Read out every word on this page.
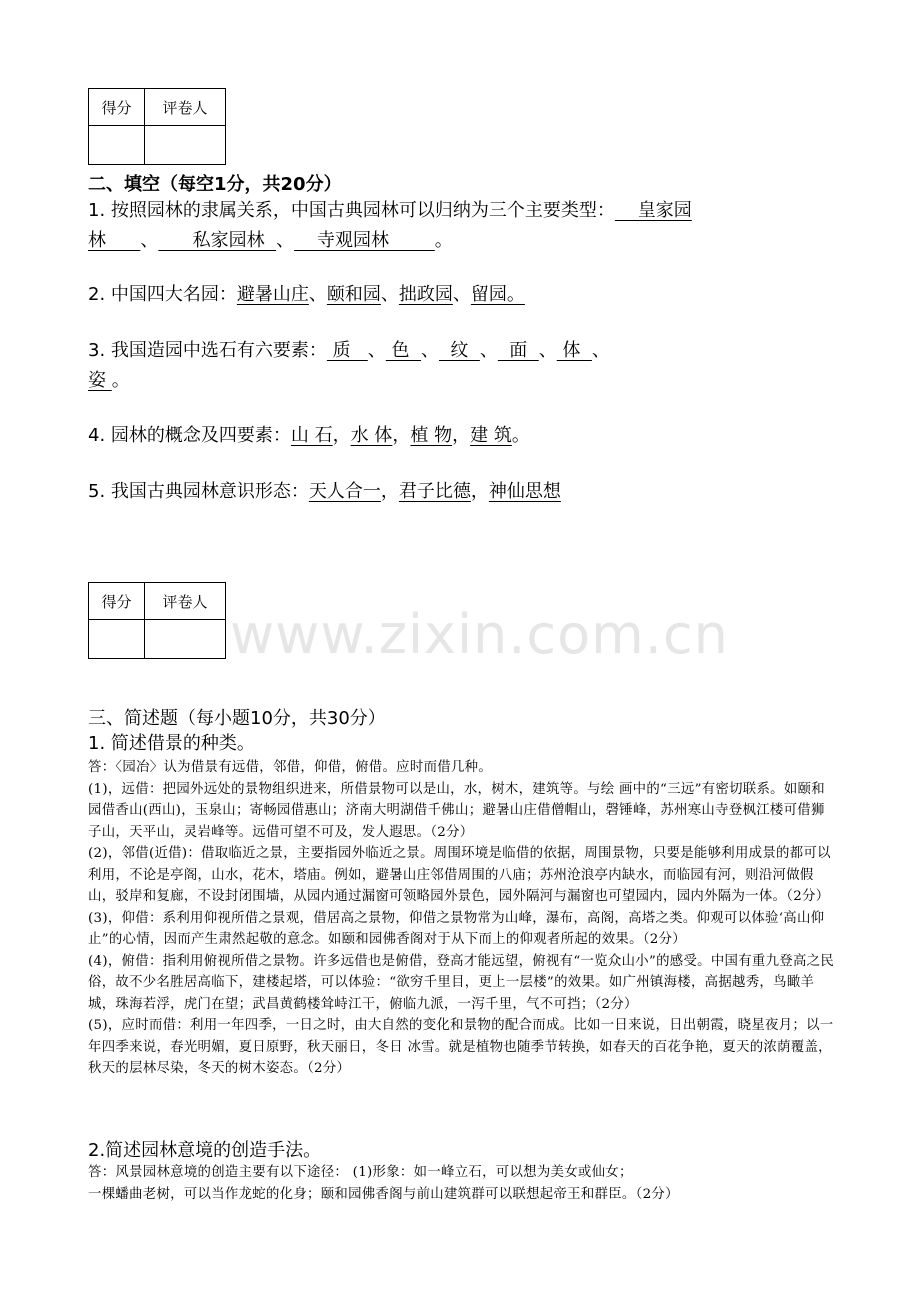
得分	评卷人

二、填空（每空1分，共20分）
1. 按照园林的隶属关系，中国古典园林可以归纳为三个主要类型：    皇家园
林      、      私家园林  、    寺观园林        。
2. 中国四大名园：避暑山庄、颐和园、拙政园、留园。
3. 我国造园中选石有六要素： 质   、 色  、  纹  、  面  、 体  、
姿 。
4. 园林的概念及四要素：山 石，水 体，植 物，建 筑。
5. 我国古典园林意识形态：天人合一，君子比德，神仙思想
得分	评卷人

www.zixin.com.cn
三、简述题（每小题10分，共30分）
1. 简述借景的种类。
答：〈园冶〉认为借景有远借，邻借，仰借，俯借。应时而借几种。
(1)，远借：把园外远处的景物组织进来，所借景物可以是山，水，树木，建筑等。与绘 画中的“三远”有密切联系。如颐和园借香山(西山)，玉泉山；寄畅园借惠山；济南大明湖借千佛山；避暑山庄借僧帽山，磬锤峰，苏州寒山寺登枫江楼可借狮子山，天平山，灵岩峰等。远借可望不可及，发人遐思。（2分）
(2)，邻借(近借)：借取临近之景，主要指园外临近之景。周围环境是临借的依据，周围景物，只要是能够利用成景的都可以利用，不论是亭阁，山水，花木，塔庙。例如，避暑山庄邻借周围的八庙；苏州沧浪亭内缺水，而临园有河，则沿河做假山，驳岸和复廊，不设封闭围墙，从园内通过漏窗可领略园外景色，园外隔河与漏窗也可望园内，园内外隔为一体。（2分）
(3)，仰借：系利用仰视所借之景观，借居高之景物，仰借之景物常为山峰，瀑布，高阁，高塔之类。仰观可以体验‘高山仰止”的心情，因而产生肃然起敬的意念。如颐和园佛香阁对于从下而上的仰观者所起的效果。（2分）
(4)，俯借：指利用俯视所借之景物。许多远借也是俯借，登高才能远望，俯视有“一览众山小”的感受。中国有重九登高之民俗，故不少名胜居高临下，建楼起塔，可以体验：“欲穷千里目，更上一层楼”的效果。如广州镇海楼，高据越秀，鸟瞰羊城，珠海若浮，虎门在望；武昌黄鹤楼耸峙江干，俯临九派，一泻千里，气不可挡；（2分）
(5)，应时而借：利用一年四季，一日之时，由大自然的变化和景物的配合而成。比如一日来说，日出朝霞，晓星夜月；以一年四季来说，春光明媚，夏日原野，秋天丽日，冬日 冰雪。就是植物也随季节转换，如春天的百花争艳，夏天的浓荫覆盖，秋天的层林尽染，冬天的树木姿态。（2分）
2.简述园林意境的创造手法。
答：风景园林意境的创造主要有以下途径： (1)形象：如一峰立石，可以想为美女或仙女；
一棵蟠曲老树，可以当作龙蛇的化身；颐和园佛香阁与前山建筑群可以联想起帝王和群臣。（2分）
